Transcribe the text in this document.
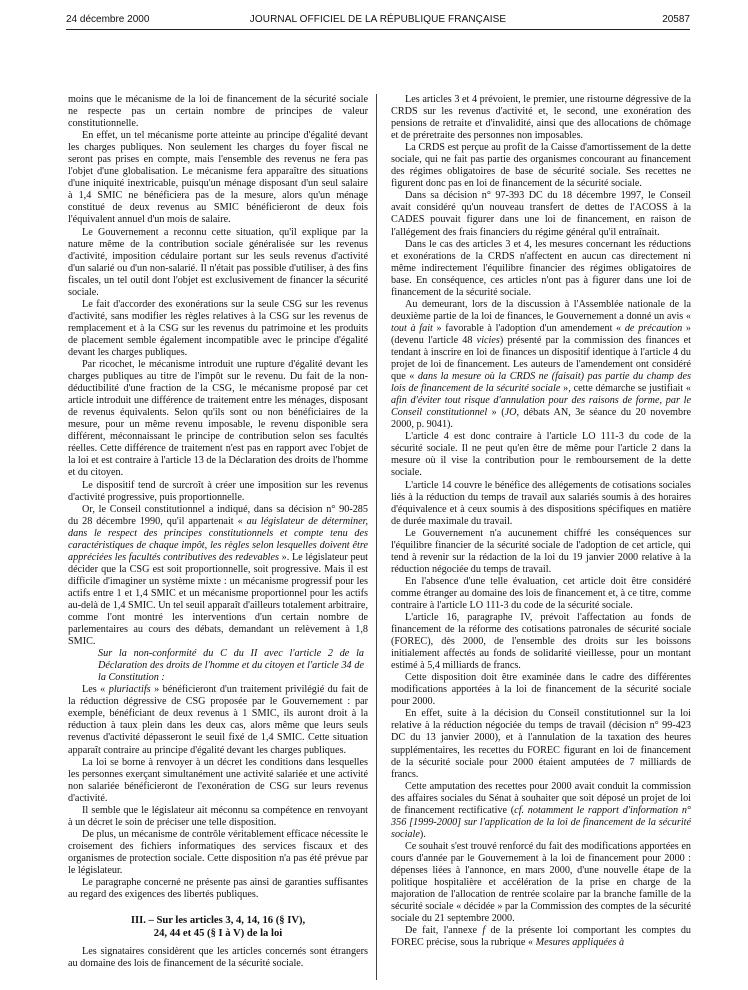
24 décembre 2000	JOURNAL OFFICIEL DE LA RÉPUBLIQUE FRANÇAISE	20587

moins que le mécanisme de la loi de financement de la sécurité sociale ne respecte pas un certain nombre de principes de valeur constitutionnelle.

En effet, un tel mécanisme porte atteinte au principe d'égalité devant les charges publiques. Non seulement les charges du foyer fiscal ne seront pas prises en compte, mais l'ensemble des revenus ne fera pas l'objet d'une globalisation. Le mécanisme fera apparaître des situations d'une iniquité inextricable, puisqu'un ménage disposant d'un seul salaire à 1,4 SMIC ne bénéficiera pas de la mesure, alors qu'un ménage constitué de deux revenus au SMIC bénéficieront de deux fois l'équivalent annuel d'un mois de salaire.

Le Gouvernement a reconnu cette situation, qu'il explique par la nature même de la contribution sociale généralisée sur les revenus d'activité, imposition cédulaire portant sur les seuls revenus d'activité d'un salarié ou d'un non-salarié. Il n'était pas possible d'utiliser, à des fins fiscales, un tel outil dont l'objet est exclusivement de financer la sécurité sociale.

Le fait d'accorder des exonérations sur la seule CSG sur les revenus d'activité, sans modifier les règles relatives à la CSG sur les revenus de remplacement et à la CSG sur les revenus du patrimoine et les produits de placement semble également incompatible avec le principe d'égalité devant les charges publiques.

Par ricochet, le mécanisme introduit une rupture d'égalité devant les charges publiques au titre de l'impôt sur le revenu. Du fait de la non-déductibilité d'une fraction de la CSG, le mécanisme proposé par cet article introduit une différence de traitement entre les ménages, disposant de revenus équivalents. Selon qu'ils sont ou non bénéficiaires de la mesure, pour un même revenu imposable, le revenu disponible sera différent, méconnaissant le principe de contribution selon ses facultés réelles. Cette différence de traitement n'est pas en rapport avec l'objet de la loi et est contraire à l'article 13 de la Déclaration des droits de l'homme et du citoyen.

Le dispositif tend de surcroît à créer une imposition sur les revenus d'activité progressive, puis proportionnelle.

Or, le Conseil constitutionnel a indiqué, dans sa décision n° 90-285 du 28 décembre 1990, qu'il appartenait « au législateur de déterminer, dans le respect des principes constitutionnels et compte tenu des caractéristiques de chaque impôt, les règles selon lesquelles doivent être appréciées les facultés contributives des redevables ». Le législateur peut décider que la CSG est soit proportionnelle, soit progressive. Mais il est difficile d'imaginer un système mixte : un mécanisme progressif pour les actifs entre 1 et 1,4 SMIC et un mécanisme proportionnel pour les actifs au-delà de 1,4 SMIC. Un tel seuil apparaît d'ailleurs totalement arbitraire, comme l'ont montré les interventions d'un certain nombre de parlementaires au cours des débats, demandant un relèvement à 1,8 SMIC.

Sur la non-conformité du C du II avec l'article 2 de la Déclaration des droits de l'homme et du citoyen et l'article 34 de la Constitution :

Les « pluriactifs » bénéficieront d'un traitement privilégié du fait de la réduction dégressive de CSG proposée par le Gouvernement : par exemple, bénéficiant de deux revenus à 1 SMIC, ils auront droit à la réduction à taux plein dans les deux cas, alors même que leurs seuls revenus d'activité dépasseront le seuil fixé de 1,4 SMIC. Cette situation apparaît contraire au principe d'égalité devant les charges publiques.

La loi se borne à renvoyer à un décret les conditions dans lesquelles les personnes exerçant simultanément une activité salariée et une activité non salariée bénéficieront de l'exonération de CSG sur leurs revenus d'activité.

Il semble que le législateur ait méconnu sa compétence en renvoyant à un décret le soin de préciser une telle disposition.

De plus, un mécanisme de contrôle véritablement efficace nécessite le croisement des fichiers informatiques des services fiscaux et des organismes de protection sociale. Cette disposition n'a pas été prévue par le législateur.

Le paragraphe concerné ne présente pas ainsi de garanties suffisantes au regard des exigences des libertés publiques.

III. – Sur les articles 3, 4, 14, 16 (§ IV),
24, 44 et 45 (§ I à V) de la loi

Les signataires considèrent que les articles concernés sont étrangers au domaine des lois de financement de la sécurité sociale.

Les articles 3 et 4 prévoient, le premier, une ristourne dégressive de la CRDS sur les revenus d'activité et, le second, une exonération des pensions de retraite et d'invalidité, ainsi que des allocations de chômage et de préretraite des personnes non imposables.

La CRDS est perçue au profit de la Caisse d'amortissement de la dette sociale, qui ne fait pas partie des organismes concourant au financement des régimes obligatoires de base de sécurité sociale. Ses recettes ne figurent donc pas en loi de financement de la sécurité sociale.

Dans sa décision n° 97-393 DC du 18 décembre 1997, le Conseil avait considéré qu'un nouveau transfert de dettes de l'ACOSS à la CADES pouvait figurer dans une loi de financement, en raison de l'allégement des frais financiers du régime général qu'il entraînait.

Dans le cas des articles 3 et 4, les mesures concernant les réductions et exonérations de la CRDS n'affectent en aucun cas directement ni même indirectement l'équilibre financier des régimes obligatoires de base. En conséquence, ces articles n'ont pas à figurer dans une loi de financement de la sécurité sociale.

Au demeurant, lors de la discussion à l'Assemblée nationale de la deuxième partie de la loi de finances, le Gouvernement a donné un avis « tout à fait » favorable à l'adoption d'un amendement « de précaution » (devenu l'article 48 vicies) présenté par la commission des finances et tendant à inscrire en loi de finances un dispositif identique à l'article 4 du projet de loi de financement. Les auteurs de l'amendement ont considéré que « dans la mesure où la CRDS ne (faisait) pas partie du champ des lois de financement de la sécurité sociale », cette démarche se justifiait « afin d'éviter tout risque d'annulation pour des raisons de forme, par le Conseil constitutionnel » (JO, débats AN, 3e séance du 20 novembre 2000, p. 9041).

L'article 4 est donc contraire à l'article LO 111-3 du code de la sécurité sociale. Il ne peut qu'en être de même pour l'article 2 dans la mesure où il vise la contribution pour le remboursement de la dette sociale.

L'article 14 couvre le bénéfice des allégements de cotisations sociales liés à la réduction du temps de travail aux salariés soumis à des horaires d'équivalence et à ceux soumis à des dispositions spécifiques en matière de durée maximale du travail.

Le Gouvernement n'a aucunement chiffré les conséquences sur l'équilibre financier de la sécurité sociale de l'adoption de cet article, qui tend à revenir sur la rédaction de la loi du 19 janvier 2000 relative à la réduction négociée du temps de travail.

En l'absence d'une telle évaluation, cet article doit être considéré comme étranger au domaine des lois de financement et, à ce titre, comme contraire à l'article LO 111-3 du code de la sécurité sociale.

L'article 16, paragraphe IV, prévoit l'affectation au fonds de financement de la réforme des cotisations patronales de sécurité sociale (FOREC), dès 2000, de l'ensemble des droits sur les boissons initialement affectés au fonds de solidarité vieillesse, pour un montant estimé à 5,4 milliards de francs.

Cette disposition doit être examinée dans le cadre des différentes modifications apportées à la loi de financement de la sécurité sociale pour 2000.

En effet, suite à la décision du Conseil constitutionnel sur la loi relative à la réduction négociée du temps de travail (décision n° 99-423 DC du 13 janvier 2000), et à l'annulation de la taxation des heures supplémentaires, les recettes du FOREC figurant en loi de financement de la sécurité sociale pour 2000 étaient amputées de 7 milliards de francs.

Cette amputation des recettes pour 2000 avait conduit la commission des affaires sociales du Sénat à souhaiter que soit déposé un projet de loi de financement rectificative (cf. notamment le rapport d'information n° 356 [1999-2000] sur l'application de la loi de financement de la sécurité sociale).

Ce souhait s'est trouvé renforcé du fait des modifications apportées en cours d'année par le Gouvernement à la loi de financement pour 2000 : dépenses liées à l'annonce, en mars 2000, d'une nouvelle étape de la politique hospitalière et accélération de la prise en charge de la majoration de l'allocation de rentrée scolaire par la branche famille de la sécurité sociale « décidée » par la Commission des comptes de la sécurité sociale du 21 septembre 2000.

De fait, l'annexe f de la présente loi comportant les comptes du FOREC précise, sous la rubrique « Mesures appliquées à
